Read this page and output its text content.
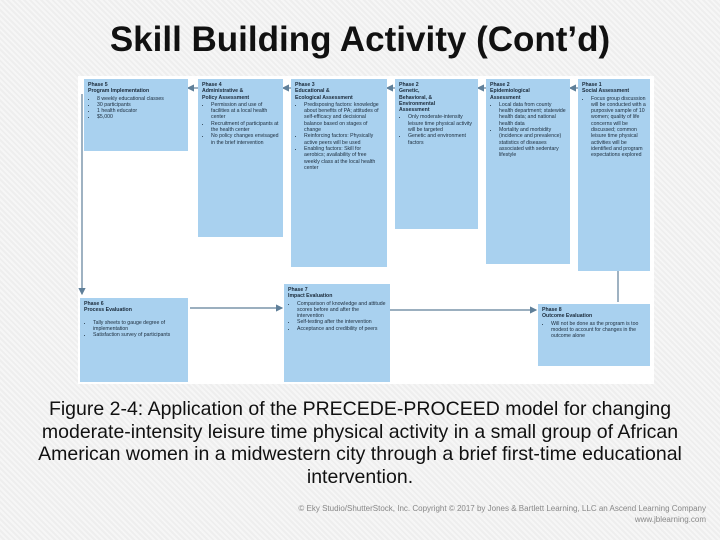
Skill Building Activity (Cont’d)
Phase 5
Program Implementation
• 8 weekly educational classes
• 30 participants
• 1 health educator
• $5,000
Phase 4
Administrative &
Policy Assessment
• Permission and use of facilities at a local health center
• Recruitment of participants at the health center
• No policy changes envisaged in the brief intervention
Phase 3
Educational &
Ecological Assessment
• Predisposing factors: knowledge about benefits of PA; attitudes of self-efficacy and decisional balance based on stages of change
• Reinforcing factors: Physically active peers will be used
• Enabling factors: Skill for aerobics; availability of free weekly class at the local health center
Phase 2
Genetic,
Behavioral, &
Environmental
Assessment
• Only moderate-intensity leisure time physical activity will be targeted
• Genetic and environment factors
Phase 2
Epidemiological
Assessment
• Local data from county health department; statewide health data; and national health data
• Mortality and morbidity (incidence and prevalence) statistics of diseases associated with sedentary lifestyle
Phase 1
Social Assessment
• Focus group discussion will be conducted with a purposive sample of 10 women; quality of life concerns will be discussed; common leisure time physical activities will be identified and program expectations explored
Phase 6
Process Evaluation
• Tally sheets to gauge degree of implementation
• Satisfaction survey of participants
Phase 7
Impact Evaluation
• Comparison of knowledge and attitude scores before and after the intervention
• Self-testing after the intervention
• Acceptance and credibility of peers
Phase 8
Outcome Evaluation
• Will not be done as the program is too modest to account for changes in the outcome alone
Figure 2-4: Application of the PRECEDE-PROCEED model for changing moderate-intensity leisure time physical activity in a small group of African American women in a midwestern city through a brief first-time educational intervention.
© Eky Studio/ShutterStock, Inc. Copyright © 2017 by Jones & Bartlett Learning, LLC an Ascend Learning Company
www.jblearning.com
